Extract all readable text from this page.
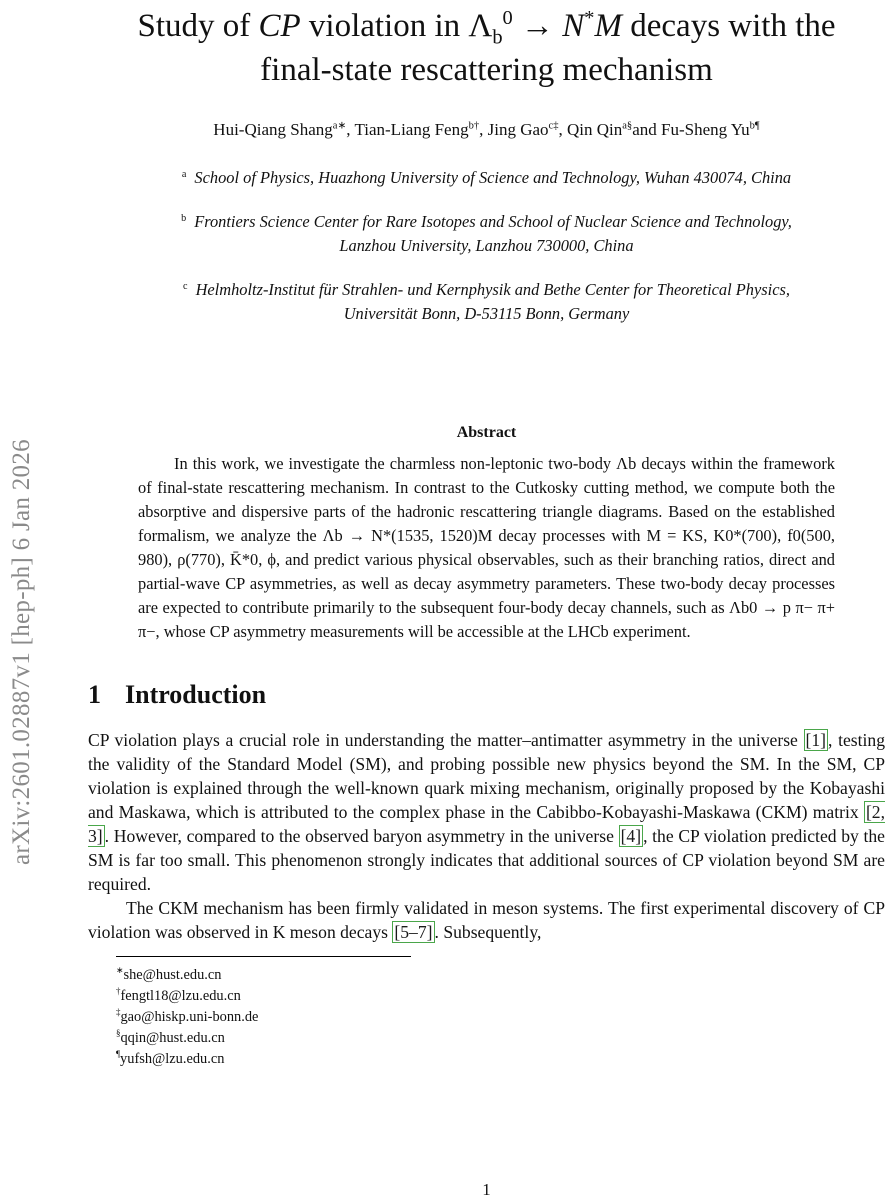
arXiv:2601.02887v1 [hep-ph] 6 Jan 2026
Study of CP violation in $\Lambda_b^0 \to N^*M$ decays with the
final-state rescattering mechanism
Hui-Qiang Shang$^{a∗}$, Tian-Liang Feng$^{b\dagger}$, Jing Gao$^{c\ddagger}$, Qin Qin$^{a\S}$and Fu-Sheng $Yu^{b\P}$
$^a$ School of Physics, Huazhong University of Science and Technology, Wuhan 430074, China
$^b$ Frontiers Science Center for Rare Isotopes and School of Nuclear Science and Technology,
Lanzhou University, Lanzhou 730000, China
$^c$ Helmholtz-Institut für Strahlen- und Kernphysik and Bethe Center for Theoretical Physics,
Universität Bonn, D-53115 Bonn, Germany
Abstract
In this work, we investigate the charmless non-leptonic two-body Λb decays within the framework of final-state rescattering mechanism. In contrast to the Cutkosky cutting method, we compute both the absorptive and dispersive parts of the hadronic rescattering triangle diagrams. Based on the established formalism, we analyze the Λb → N*(1535, 1520)M decay processes with M = KS, K0*(700), f0(500, 980), ρ(770), K̄*0, ϕ, and predict various physical observables, such as their branching ratios, direct and partial-wave CP asymmetries, as well as decay asymmetry parameters. These two-body decay processes are expected to contribute primarily to the subsequent four-body decay channels, such as Λb0 → p π− π+ π−, whose CP asymmetry measurements will be accessible at the LHCb experiment.
1 Introduction

CP violation plays a crucial role in understanding the matter–antimatter asymmetry in the universe [1] , testing the validity of the Standard Model (SM), and probing possible new physics beyond the SM. In the SM, CP violation is explained through the well-known quark mixing mechanism, originally proposed by the Kobayashi and Maskawa, which is attributed to the complex phase in the Cabibbo-Kobayashi-Maskawa (CKM) matrix [2, 3] . However, compared to the observed baryon asymmetry in the universe [4] , the CP violation predicted by the SM is far too small. This phenomenon strongly indicates that additional sources of CP violation beyond SM are required.

The CKM mechanism has been firmly validated in meson systems. The first experimental discovery of CP violation was observed in K meson decays [5–7] . Subsequently,

∗she@hust.edu.cn
†fengtl18@lzu.edu.cn
‡gao@hiskp.uni-bonn.de
§qqin@hust.edu.cn
¶yufsh@lzu.edu.cn
1
